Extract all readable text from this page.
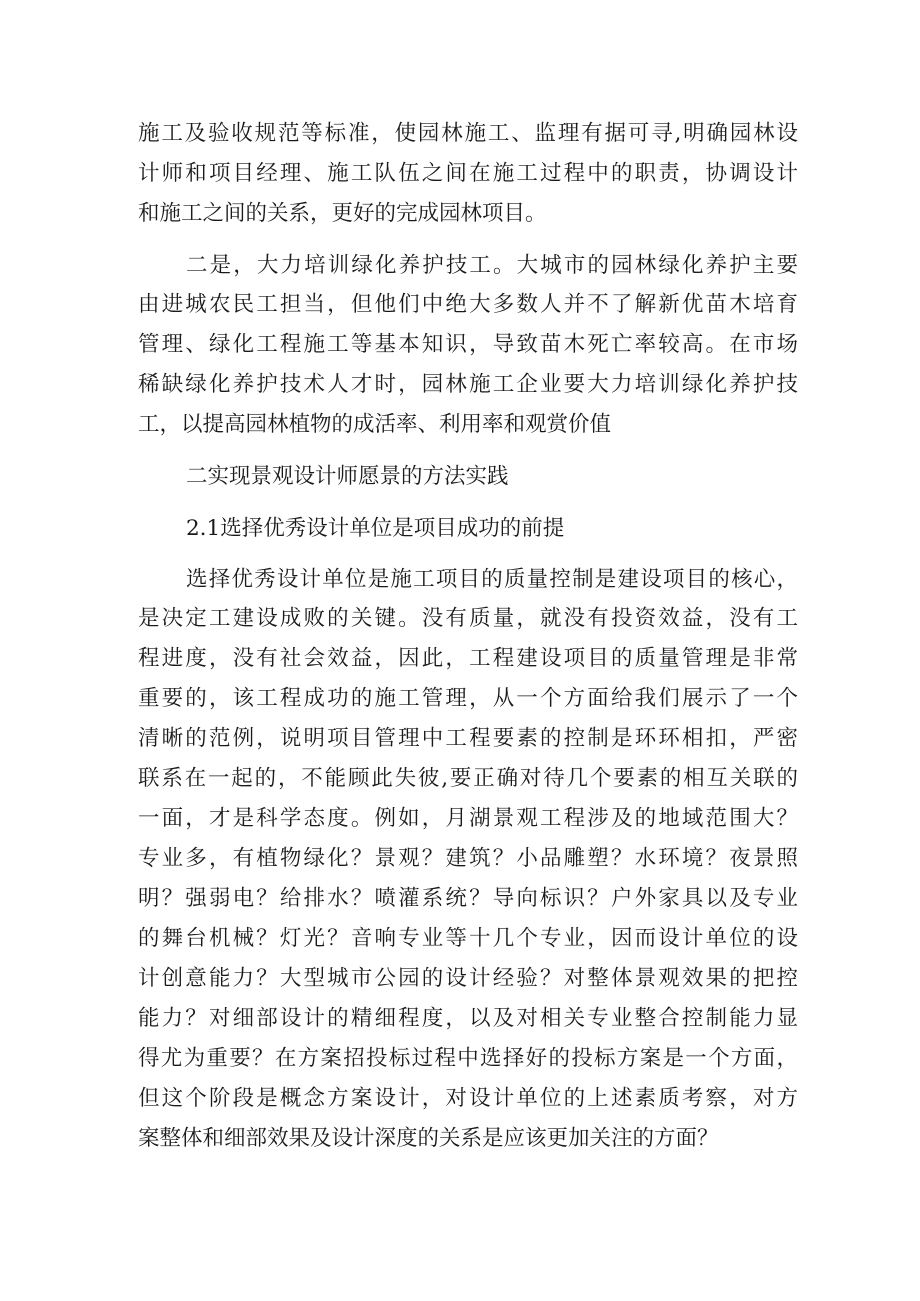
施工及验收规范等标准，使园林施工、监理有据可寻,明确园林设
计师和项目经理、施工队伍之间在施工过程中的职责，协调设计
和施工之间的关系，更好的完成园林项目。
二是，大力培训绿化养护技工。大城市的园林绿化养护主要
由进城农民工担当，但他们中绝大多数人并不了解新优苗木培育
管理、绿化工程施工等基本知识，导致苗木死亡率较高。在市场
稀缺绿化养护技术人才时，园林施工企业要大力培训绿化养护技
工，以提高园林植物的成活率、利用率和观赏价值
二实现景观设计师愿景的方法实践
2.1选择优秀设计单位是项目成功的前提
选择优秀设计单位是施工项目的质量控制是建设项目的核心，
是决定工建设成败的关键。没有质量，就没有投资效益，没有工
程进度，没有社会效益，因此，工程建设项目的质量管理是非常
重要的，该工程成功的施工管理，从一个方面给我们展示了一个
清晰的范例，说明项目管理中工程要素的控制是环环相扣，严密
联系在一起的，不能顾此失彼,要正确对待几个要素的相互关联的
一面，才是科学态度。例如，月湖景观工程涉及的地域范围大？
专业多，有植物绿化？景观？建筑？小品雕塑？水环境？夜景照
明？强弱电？给排水？喷灌系统？导向标识？户外家具以及专业
的舞台机械？灯光？音响专业等十几个专业，因而设计单位的设
计创意能力？大型城市公园的设计经验？对整体景观效果的把控
能力？对细部设计的精细程度，以及对相关专业整合控制能力显
得尤为重要？在方案招投标过程中选择好的投标方案是一个方面，
但这个阶段是概念方案设计，对设计单位的上述素质考察，对方
案整体和细部效果及设计深度的关系是应该更加关注的方面？
